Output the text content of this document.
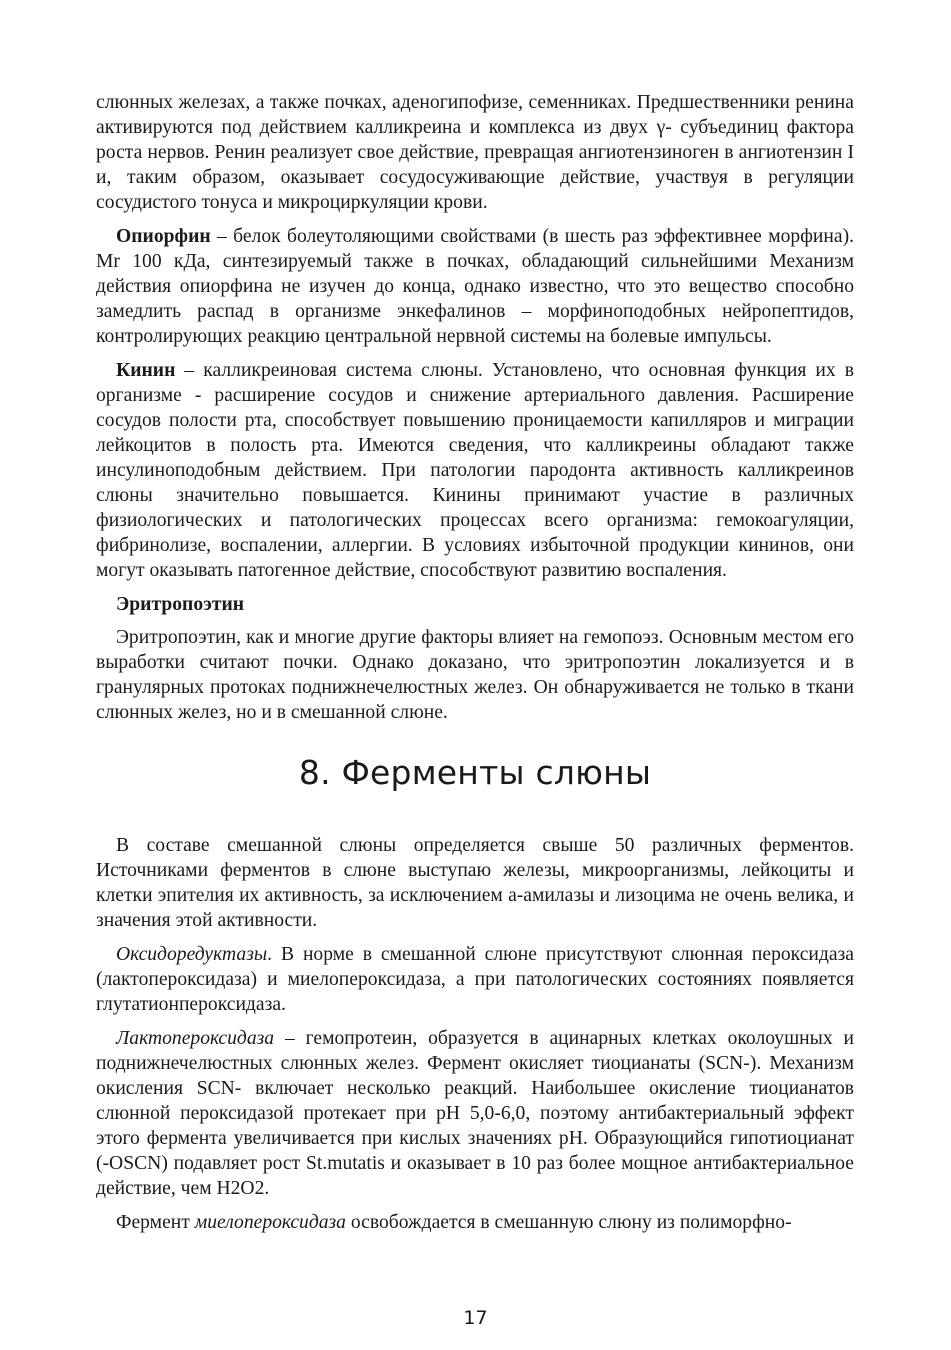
слюнных железах, а также почках, аденогипофизе, семенниках. Предшественники ренина активируются под действием калликреина и комплекса из двух γ- субъединиц фактора роста нервов. Ренин реализует свое действие, превращая ангиотензиноген в ангиотензин I и, таким образом, оказывает сосудосуживающие действие, участвуя в регуляции сосудистого тонуса и микроциркуляции крови.

Опиорфин – белок болеутоляющими свойствами (в шесть раз эффективнее морфина). Mr 100 кДа, синтезируемый также в почках, обладающий сильнейшими Механизм действия опиорфина не изучен до конца, однако известно, что это вещество способно замедлить распад в организме энкефалинов – морфиноподобных нейропептидов, контролирующих реакцию центральной нервной системы на болевые импульсы.

Кинин – калликреиновая система слюны. Установлено, что основная функция их в организме - расширение сосудов и снижение артериального давления. Расширение сосудов полости рта, способствует повышению проницаемости капилляров и миграции лейкоцитов в полость рта. Имеются сведения, что калликреины обладают также инсулиноподобным действием. При патологии пародонта активность калликреинов слюны значительно повышается. Кинины принимают участие в различных физиологических и патологических процессах всего организма: гемокоагуляции, фибринолизе, воспалении, аллергии. В условиях избыточной продукции кининов, они могут оказывать патогенное действие, способствуют развитию воспаления.

Эритропоэтин

Эритропоэтин, как и многие другие факторы влияет на гемопоэз. Основным местом его выработки считают почки. Однако доказано, что эритропоэтин локализуется и в гранулярных протоках поднижнечелюстных желез. Он обнаруживается не только в ткани слюнных желез, но и в смешанной слюне.

8. Ферменты слюны

В составе смешанной слюны определяется свыше 50 различных ферментов. Источниками ферментов в слюне выступаю железы, микроорганизмы, лейкоциты и клетки эпителия их активность, за исключением а-амилазы и лизоцима не очень велика, и значения этой активности.

Оксидоредуктазы. В норме в смешанной слюне присутствуют слюнная пероксидаза (лактопероксидаза) и миелопероксидаза, а при патологических состояниях появляется глутатионпероксидаза.

Лактопероксидаза – гемопротеин, образуется в ацинарных клетках околоушных и поднижнечелюстных слюнных желез. Фермент окисляет тиоцианаты (SCN-). Механизм окисления SCN- включает несколько реакций. Наибольшее окисление тиоцианатов слюнной пероксидазой протекает при рН 5,0-6,0, поэтому антибактериальный эффект этого фермента увеличивается при кислых значениях рН. Образующийся гипотиоцианат (-OSCN) подавляет рост St.mutatis и оказывает в 10 раз более мощное антибактериальное действие, чем H2O2.

Фермент миелопероксидаза освобождается в смешанную слюну из полиморфно-

17
